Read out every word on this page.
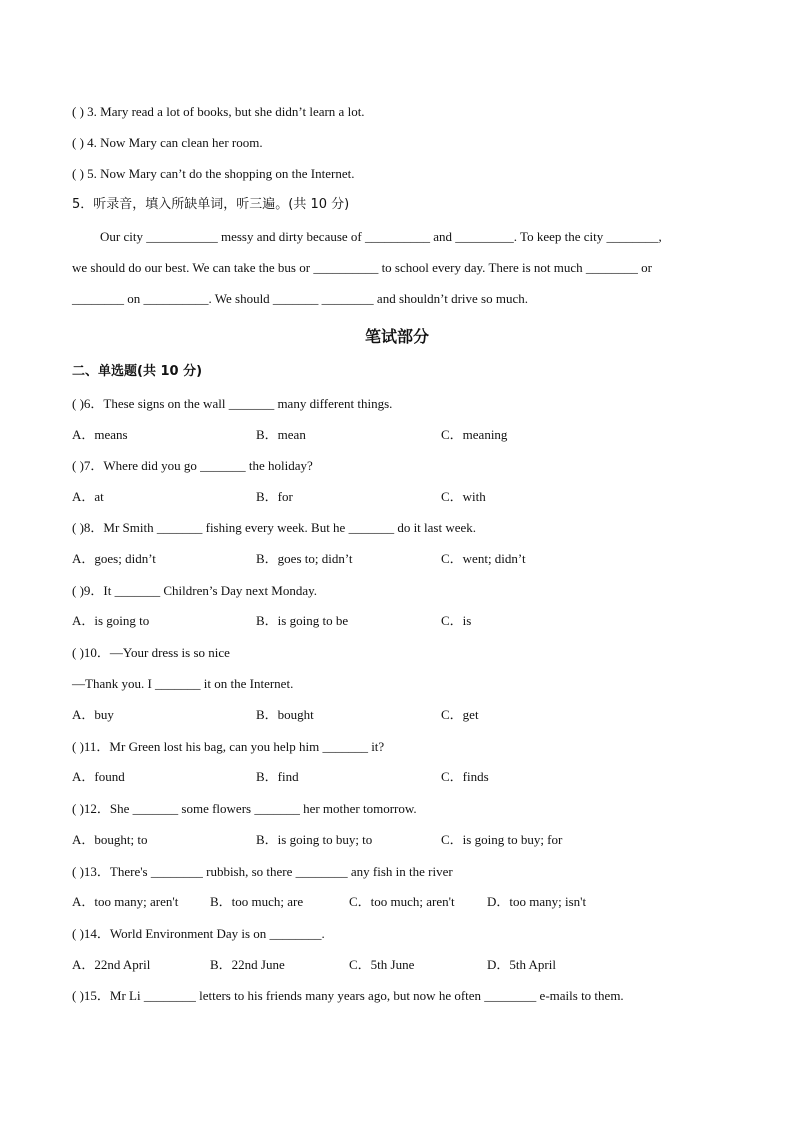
( ) 3. Mary read a lot of books, but she didn’t learn a lot.
( ) 4. Now Mary can clean her room.
( ) 5. Now Mary can’t do the shopping on the Internet.
5．听录音，填入所缺单词，听三遍。(共 10 分)
Our city ___________ messy and dirty because of __________ and _________. To keep the city ________,
we should do our best. We can take the bus or __________ to school every day. There is not much ________ or
________ on __________. We should _______ ________ and shouldn’t drive so much.
笔试部分
二、单选题(共 10 分)
( )6．These signs on the wall _______ many different things.
A．means	B．mean	C．meaning
( )7．Where did you go _______ the holiday?
A．at	B．for	C．with
( )8．Mr Smith _______ fishing every week. But he _______ do it last week.
A．goes; didn’t	B．goes to; didn’t	C．went; didn’t
( )9．It _______ Children’s Day next Monday.
A．is going to	B．is going to be	C．is
( )10．—Your dress is so nice
—Thank you. I _______ it on the Internet.
A．buy	B．bought	C．get
( )11．Mr Green lost his bag, can you help him _______ it?
A．found	B．find	C．finds
( )12．She _______ some flowers _______ her mother tomorrow.
A．bought; to	B．is going to buy; to	C．is going to buy; for
( )13．There's ________ rubbish, so there ________ any fish in the river
A．too many; aren't B．too much; are	C．too much; aren't D．too many; isn't
( )14．World Environment Day is on ________.
A．22nd April	B．22nd June	C．5th June	D．5th April
( )15．Mr Li ________ letters to his friends many years ago, but now he often ________ e-mails to them.
